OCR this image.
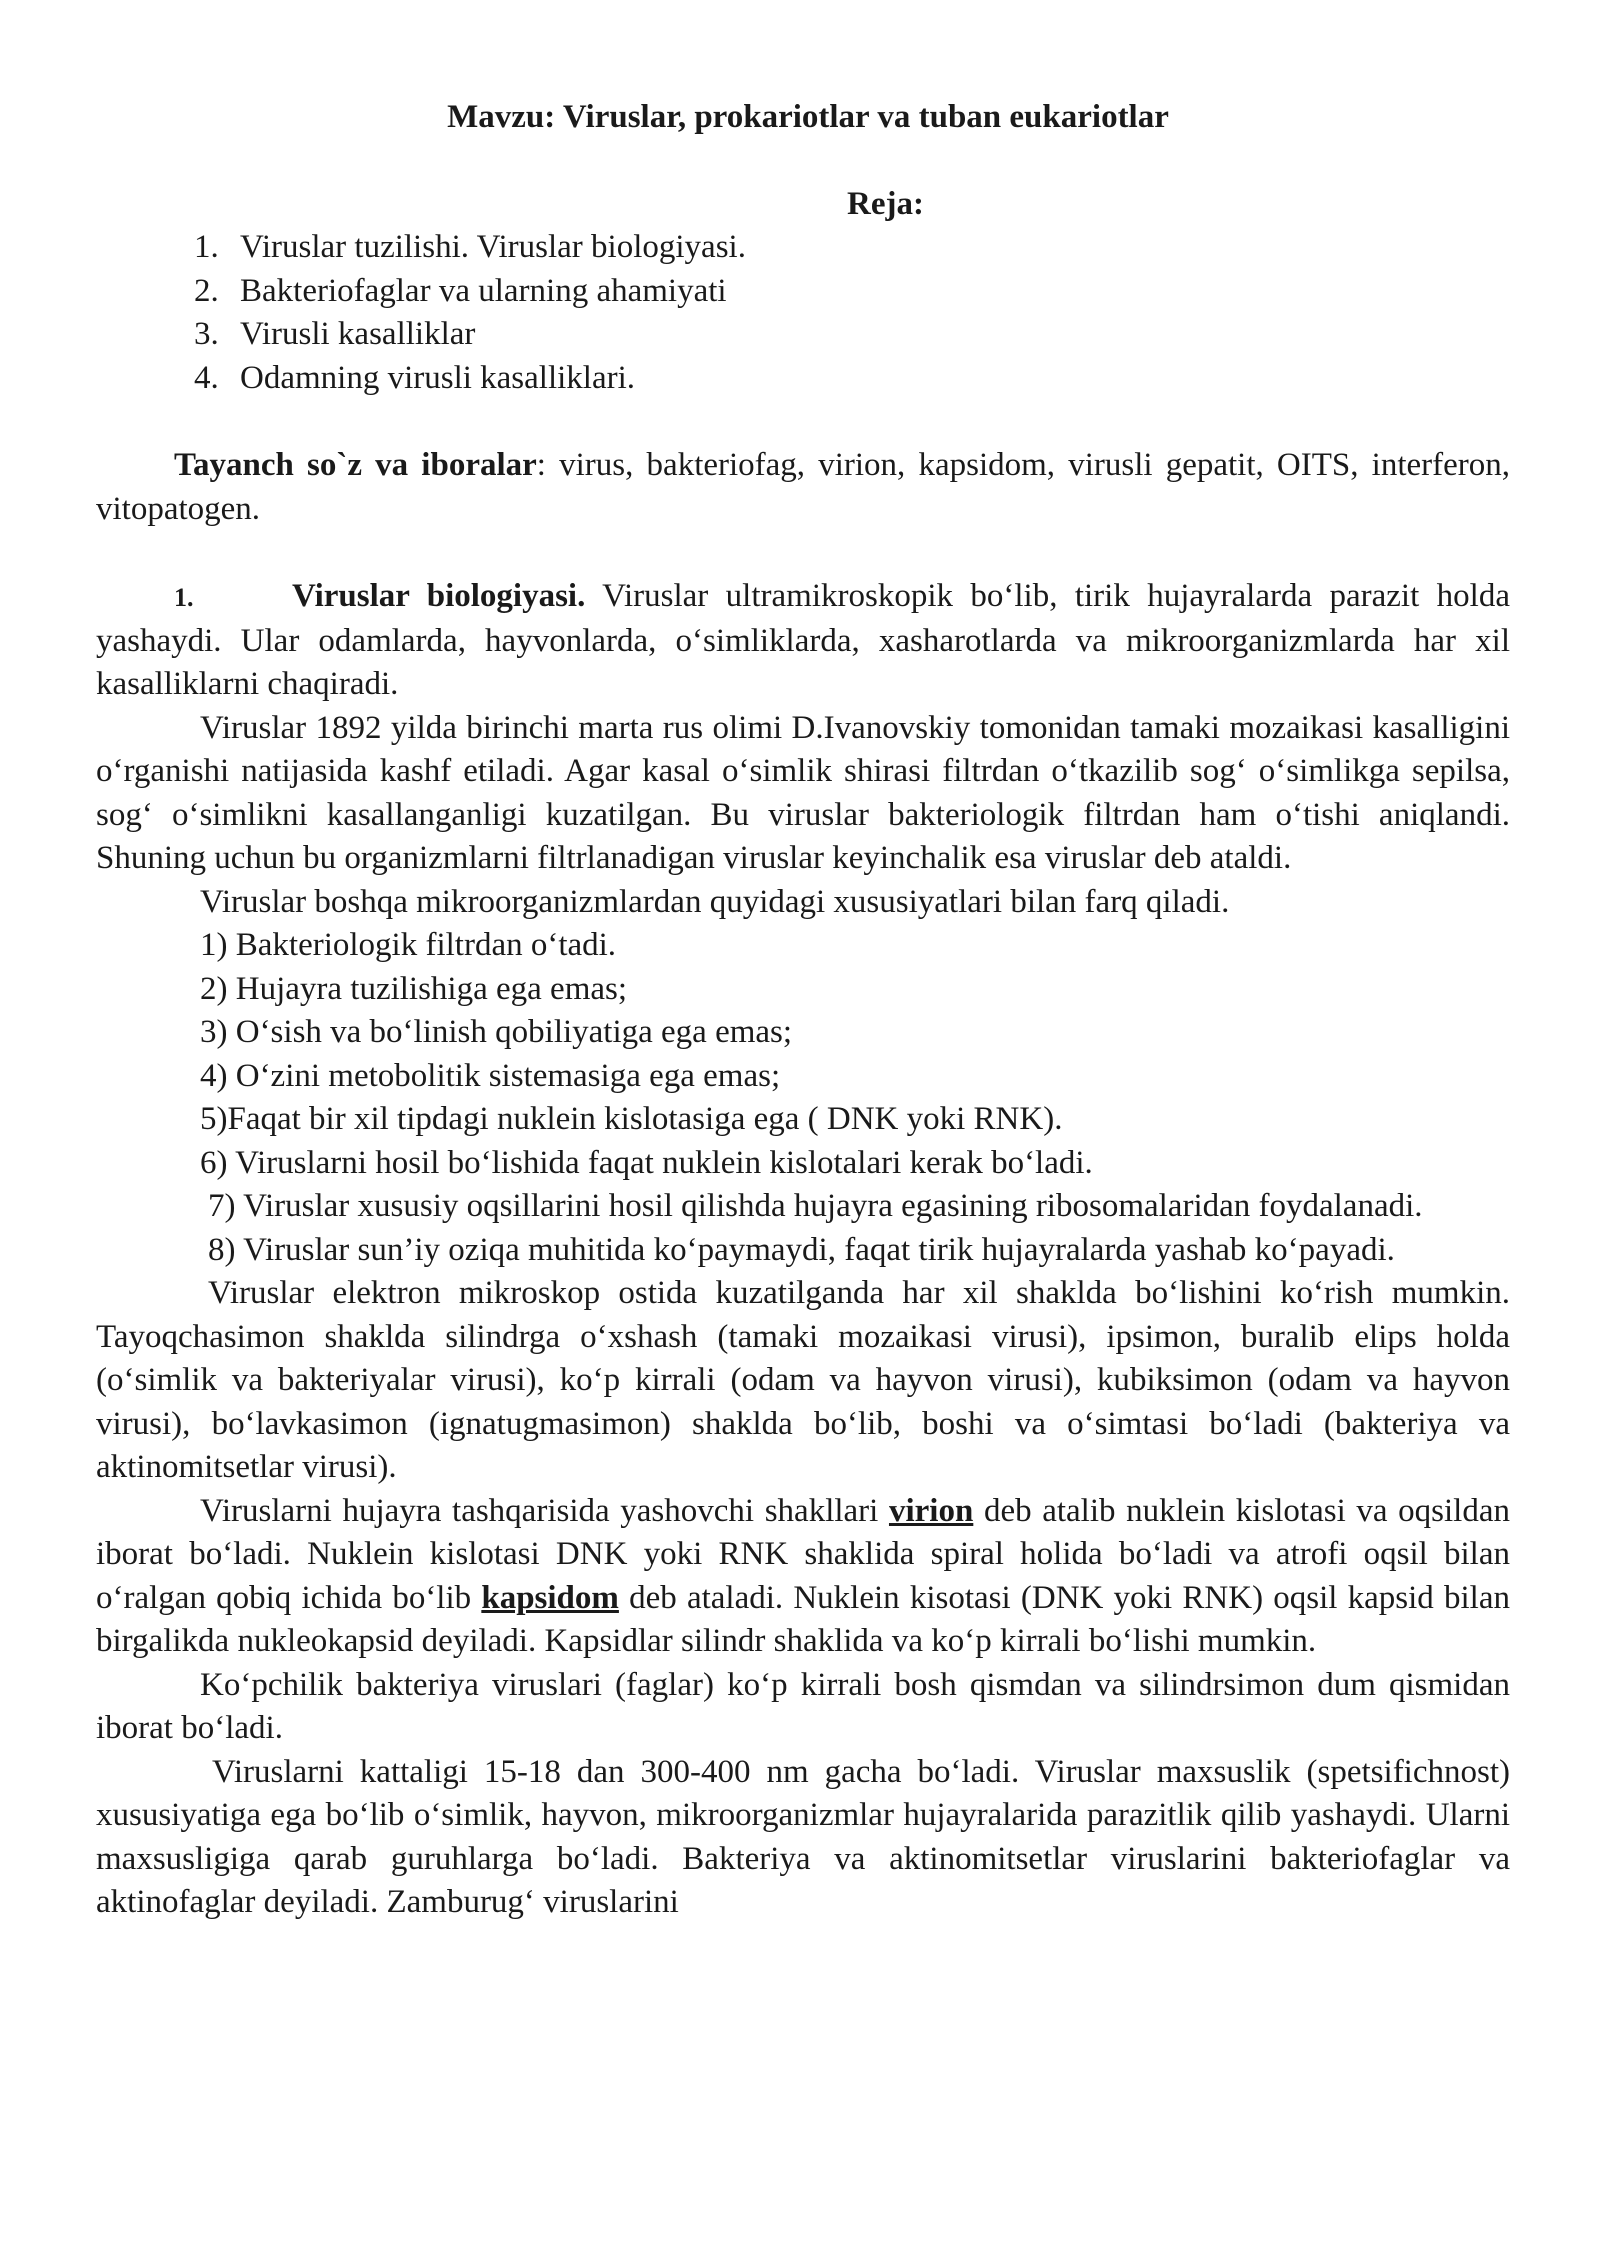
Mavzu: Viruslar, prokariotlar va tuban eukariotlar

Reja:

1. Viruslar tuzilishi. Viruslar biologiyasi.
2. Bakteriofaglar va ularning ahamiyati
3. Virusli kasalliklar
4. Odamning virusli kasalliklari.

Tayanch so`z va iboralar: virus, bakteriofag, virion, kapsidom, virusli gepatit, OITS, interferon, vitopatogen.

1.	Viruslar biologiyasi. Viruslar ultramikroskopik bo‘lib, tirik hujayralarda parazit holda yashaydi. Ular odamlarda, hayvonlarda, o‘simliklarda, xasharotlarda va mikroorganizmlarda har xil kasalliklarni chaqiradi.

Viruslar 1892 yilda birinchi marta rus olimi D.Ivanovskiy tomonidan tamaki mozaikasi kasalligini o‘rganishi natijasida kashf etiladi. Agar kasal o‘simlik shirasi filtrdan o‘tkazilib sog‘ o‘simlikga sepilsa, sog‘ o‘simlikni kasallanganligi kuzatilgan. Bu viruslar bakteriologik filtrdan ham o‘tishi aniqlandi. Shuning uchun bu organizmlarni filtrlanadigan viruslar keyinchalik esa viruslar deb ataldi.

Viruslar boshqa mikroorganizmlardan quyidagi xususiyatlari bilan farq qiladi.

1) Bakteriologik filtrdan o‘tadi.

2) Hujayra tuzilishiga ega emas;

3) O‘sish va bo‘linish qobiliyatiga ega emas;

4) O‘zini metobolitik sistemasiga ega emas;

5)Faqat bir xil tipdagi nuklein kislotasiga ega ( DNK yoki RNK).

6) Viruslarni hosil bo‘lishida faqat nuklein kislotalari kerak bo‘ladi.

7) Viruslar xususiy oqsillarini hosil qilishda hujayra egasining ribosomalaridan foydalanadi.

8) Viruslar sun’iy oziqa muhitida ko‘paymaydi, faqat tirik hujayralarda yashab ko‘payadi.

Viruslar elektron mikroskop ostida kuzatilganda har xil shaklda bo‘lishini ko‘rish mumkin. Tayoqchasimon shaklda silindrga o‘xshash (tamaki mozaikasi virusi), ipsimon, buralib elips holda (o‘simlik va bakteriyalar virusi), ko‘p kirrali (odam va hayvon virusi), kubiksimon (odam va hayvon virusi), bo‘lavkasimon (ignatugmasimon) shaklda bo‘lib, boshi va o‘simtasi bo‘ladi (bakteriya va aktinomitsetlar virusi).

Viruslarni hujayra tashqarisida yashovchi shakllari virion deb atalib nuklein kislotasi va oqsildan iborat bo‘ladi. Nuklein kislotasi DNK yoki RNK shaklida spiral holida bo‘ladi va atrofi oqsil bilan o‘ralgan qobiq ichida bo‘lib kapsidom deb ataladi. Nuklein kisotasi (DNK yoki RNK) oqsil kapsid bilan birgalikda nukleokapsid deyiladi. Kapsidlar silindr shaklida va ko‘p kirrali bo‘lishi mumkin.

Ko‘pchilik bakteriya viruslari (faglar) ko‘p kirrali bosh qismdan va silindrsimon dum qismidan iborat bo‘ladi.

Viruslarni kattaligi 15-18 dan 300-400 nm gacha bo‘ladi. Viruslar maxsuslik (spetsifichnost) xususiyatiga ega bo‘lib o‘simlik, hayvon, mikroorganizmlar hujayralarida parazitlik qilib yashaydi. Ularni maxsusligiga qarab guruhlarga bo‘ladi. Bakteriya va aktinomitsetlar viruslarini bakteriofaglar va aktinofaglar deyiladi. Zamburug‘ viruslarini
